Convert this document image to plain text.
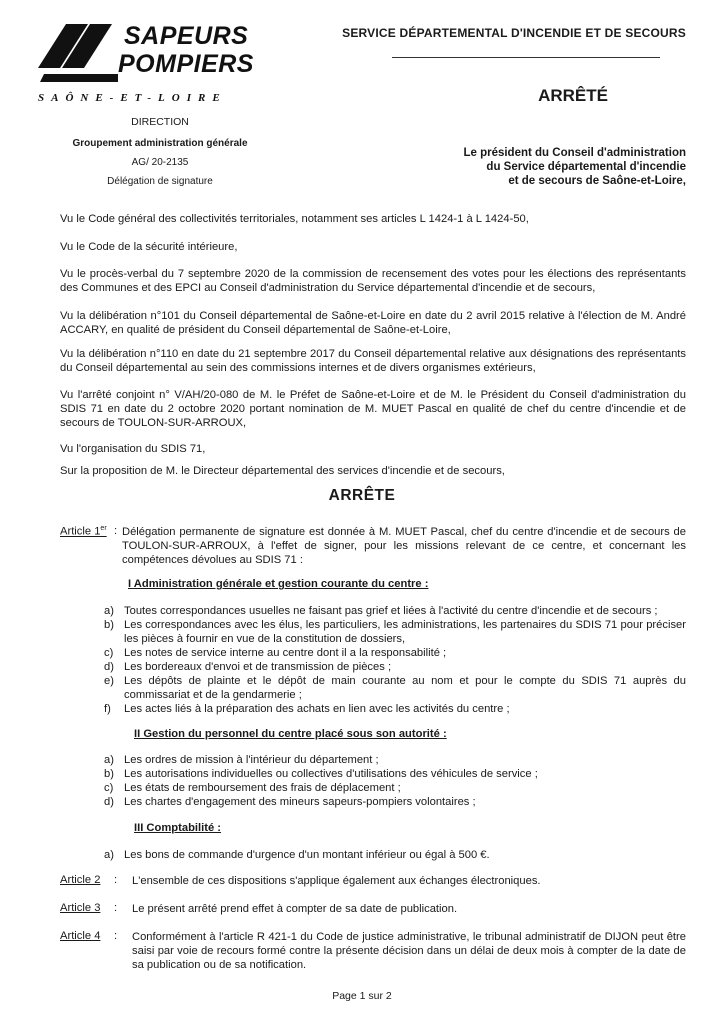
SAPEURS
POMPIERS
SAÔNE-ET-LOIRE
SERVICE DÉPARTEMENTAL D'INCENDIE ET DE SECOURS
ARRÊTÉ
DIRECTION
Groupement administration générale
AG/ 20-2135
Délégation de signature
Le président du Conseil d'administration
du Service départemental d'incendie
et de secours de Saône-et-Loire,
Vu le Code général des collectivités territoriales, notamment ses articles L 1424-1 à L 1424-50,
Vu le Code de la sécurité intérieure,
Vu le procès-verbal du 7 septembre 2020 de la commission de recensement des votes pour les élections des représentants des Communes et des EPCI au Conseil d'administration du Service départemental d'incendie et de secours,
Vu la délibération n°101 du Conseil départemental de Saône-et-Loire en date du 2 avril 2015 relative à l'élection de M. André ACCARY, en qualité de président du Conseil départemental de Saône-et-Loire,
Vu la délibération n°110 en date du 21 septembre 2017 du Conseil départemental relative aux désignations des représentants du Conseil départemental au sein des commissions internes et de divers organismes extérieurs,
Vu l'arrêté conjoint n° V/AH/20-080 de M. le Préfet de Saône-et-Loire et de M. le Président du Conseil d'administration du SDIS 71 en date du 2 octobre 2020 portant nomination de M. MUET Pascal en qualité de chef du centre d'incendie et de secours de TOULON-SUR-ARROUX,
Vu l'organisation du SDIS 71,
Sur la proposition de M. le Directeur départemental des services d'incendie et de secours,
ARRÊTE
Article 1er : Délégation permanente de signature est donnée à M. MUET Pascal, chef du centre d'incendie et de secours de TOULON-SUR-ARROUX, à l'effet de signer, pour les missions relevant de ce centre, et concernant les compétences dévolues au SDIS 71 :
I Administration générale et gestion courante du centre :
a) Toutes correspondances usuelles ne faisant pas grief et liées à l'activité du centre d'incendie et de secours ;
b) Les correspondances avec les élus, les particuliers, les administrations, les partenaires du SDIS 71 pour préciser les pièces à fournir en vue de la constitution de dossiers,
c) Les notes de service interne au centre dont il a la responsabilité ;
d) Les bordereaux d'envoi et de transmission de pièces ;
e) Les dépôts de plainte et le dépôt de main courante au nom et pour le compte du SDIS 71 auprès du commissariat et de la gendarmerie ;
f)	Les actes liés à la préparation des achats en lien avec les activités du centre ;
II Gestion du personnel du centre placé sous son autorité :
a) Les ordres de mission à l'intérieur du département ;
b) Les autorisations individuelles ou collectives d'utilisations des véhicules de service ;
c) Les états de remboursement des frais de déplacement ;
d) Les chartes d'engagement des mineurs sapeurs-pompiers volontaires ;
III Comptabilité :
a) Les bons de commande d'urgence d'un montant inférieur ou égal à 500 €.
Article 2 : L'ensemble de ces dispositions s'applique également aux échanges électroniques.
Article 3 : Le présent arrêté prend effet à compter de sa date de publication.
Article 4 : Conformément à l'article R 421-1 du Code de justice administrative, le tribunal administratif de DIJON peut être saisi par voie de recours formé contre la présente décision dans un délai de deux mois à compter de la date de sa publication ou de sa notification.
Page 1 sur 2
